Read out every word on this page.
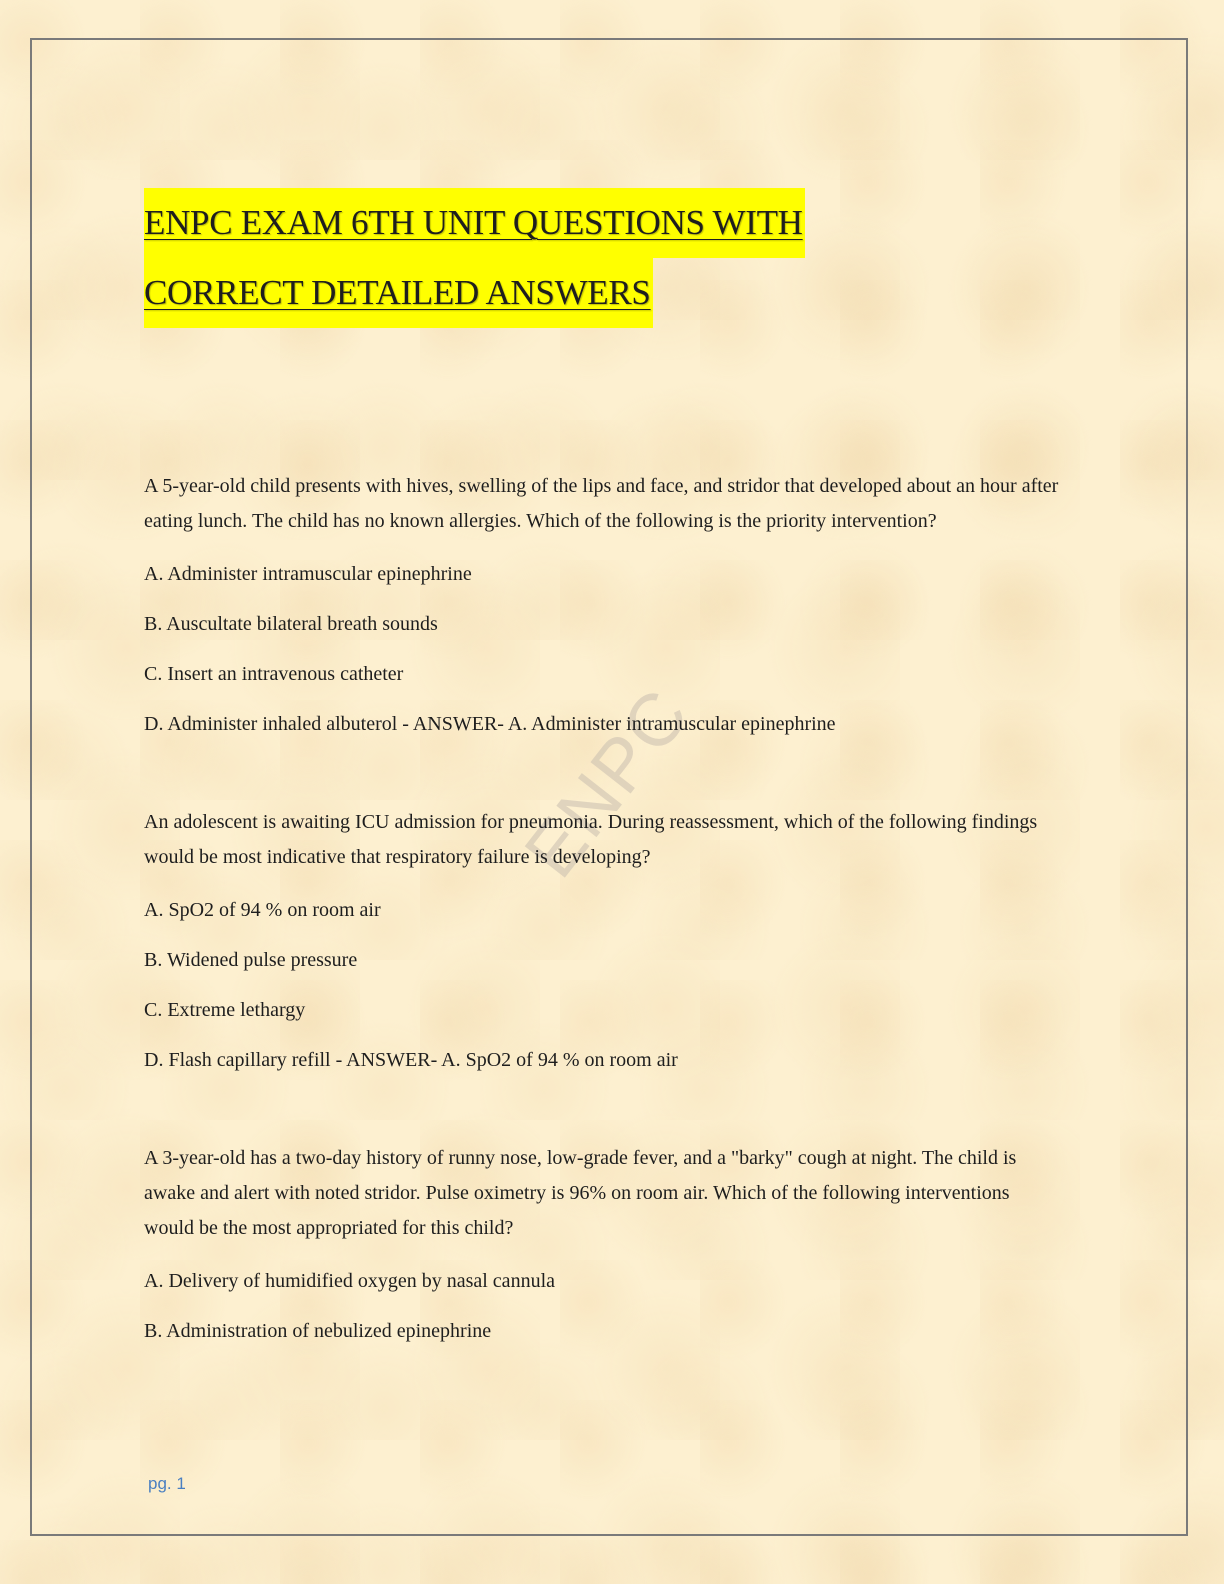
ENPC EXAM 6TH UNIT QUESTIONS WITH
CORRECT DETAILED ANSWERS
ENPC

A 5-year-old child presents with hives, swelling of the lips and face, and stridor that developed about an hour after eating lunch. The child has no known allergies. Which of the following is the priority intervention?

A. Administer intramuscular epinephrine

B. Auscultate bilateral breath sounds

C. Insert an intravenous catheter

D. Administer inhaled albuterol - ANSWER- A. Administer intramuscular epinephrine

An adolescent is awaiting ICU admission for pneumonia. During reassessment, which of the following findings would be most indicative that respiratory failure is developing?

A. SpO2 of 94 % on room air

B. Widened pulse pressure

C. Extreme lethargy

D. Flash capillary refill - ANSWER- A. SpO2 of 94 % on room air

A 3-year-old has a two-day history of runny nose, low-grade fever, and a "barky" cough at night. The child is awake and alert with noted stridor. Pulse oximetry is 96% on room air. Which of the following interventions would be the most appropriated for this child?

A. Delivery of humidified oxygen by nasal cannula

B. Administration of nebulized epinephrine

pg. 1
